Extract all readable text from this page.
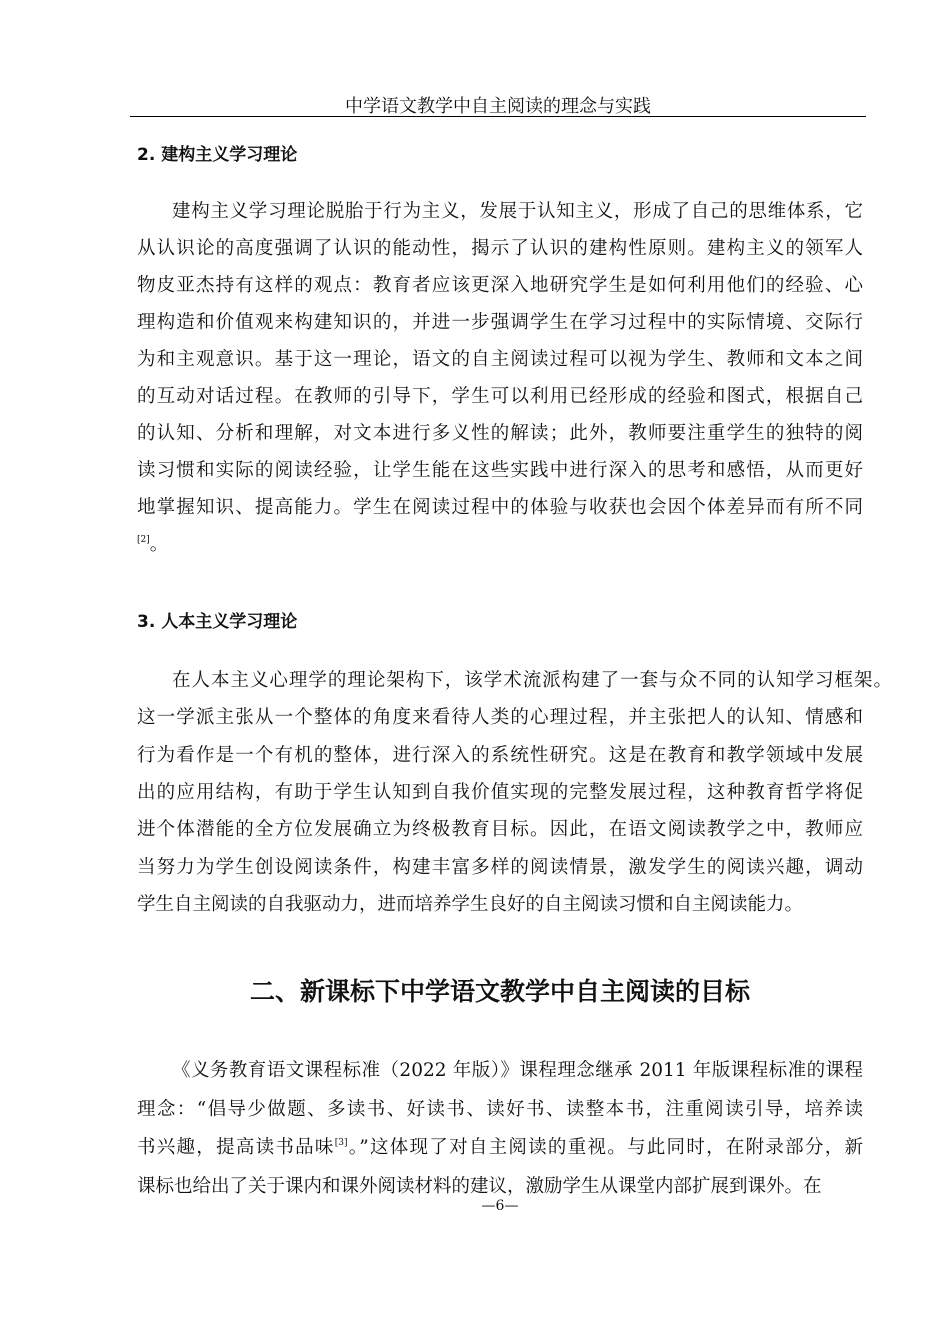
中学语文教学中自主阅读的理念与实践
2. 建构主义学习理论
建构主义学习理论脱胎于行为主义，发展于认知主义，形成了自己的思维体系，它
从认识论的高度强调了认识的能动性，揭示了认识的建构性原则。建构主义的领军人
物皮亚杰持有这样的观点：教育者应该更深入地研究学生是如何利用他们的经验、心
理构造和价值观来构建知识的，并进一步强调学生在学习过程中的实际情境、交际行
为和主观意识。基于这一理论，语文的自主阅读过程可以视为学生、教师和文本之间
的互动对话过程。在教师的引导下，学生可以利用已经形成的经验和图式，根据自己
的认知、分析和理解，对文本进行多义性的解读；此外，教师要注重学生的独特的阅
读习惯和实际的阅读经验，让学生能在这些实践中进行深入的思考和感悟，从而更好
地掌握知识、提高能力。学生在阅读过程中的体验与收获也会因个体差异而有所不同
[2]。
3. 人本主义学习理论
在人本主义心理学的理论架构下，该学术流派构建了一套与众不同的认知学习框架。
这一学派主张从一个整体的角度来看待人类的心理过程，并主张把人的认知、情感和
行为看作是一个有机的整体，进行深入的系统性研究。这是在教育和教学领域中发展
出的应用结构，有助于学生认知到自我价值实现的完整发展过程，这种教育哲学将促
进个体潜能的全方位发展确立为终极教育目标。因此，在语文阅读教学之中，教师应
当努力为学生创设阅读条件，构建丰富多样的阅读情景，激发学生的阅读兴趣，调动
学生自主阅读的自我驱动力，进而培养学生良好的自主阅读习惯和自主阅读能力。
二、新课标下中学语文教学中自主阅读的目标
《义务教育语文课程标准（2022 年版）》课程理念继承 2011 年版课程标准的课程
理念：“倡导少做题、多读书、好读书、读好书、读整本书，注重阅读引导，培养读
书兴趣，提高读书品味[3]。”这体现了对自主阅读的重视。与此同时，在附录部分，新
课标也给出了关于课内和课外阅读材料的建议，激励学生从课堂内部扩展到课外。在
—6—
